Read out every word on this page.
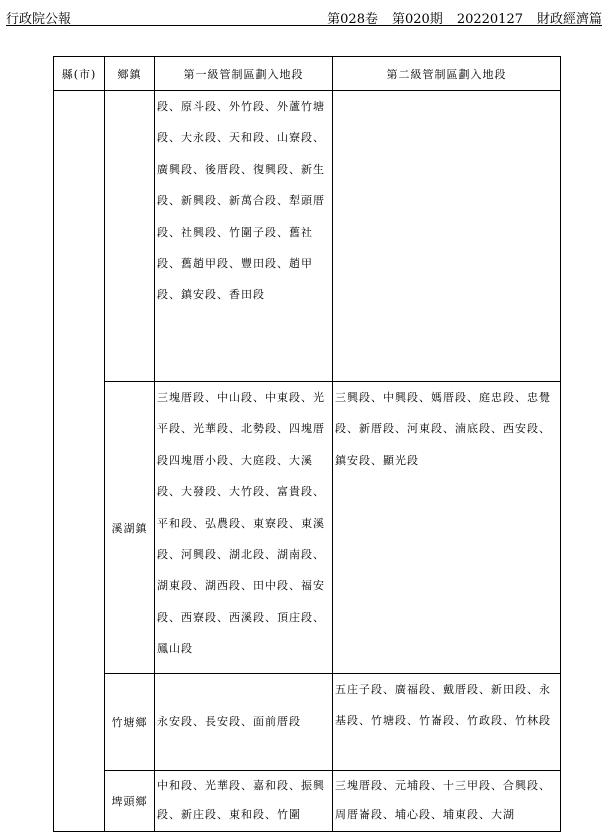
行政院公報	第028卷 第020期 20220127 財政經濟篇
縣(市)	鄉鎮	第一級管制區劃入地段	第二級管制區劃入地段
		段、原斗段、外竹段、外蘆竹塘段、大永段、天和段、山寮段、廣興段、後厝段、復興段、新生段、新興段、新萬合段、犁頭厝段、社興段、竹圍子段、舊社段、舊趙甲段、豐田段、趙甲段、鎮安段、香田段	
	溪湖鎮	三塊厝段、中山段、中東段、光平段、光華段、北勢段、四塊厝段四塊厝小段、大庭段、大溪段、大發段、大竹段、富貴段、平和段、弘農段、東寮段、東溪段、河興段、湖北段、湖南段、湖東段、湖西段、田中段、福安段、西寮段、西溪段、頂庄段、鳳山段	三興段、中興段、媽厝段、庭忠段、忠覺段、新厝段、河東段、湳底段、西安段、鎮安段、顯光段
	竹塘鄉	永安段、長安段、面前厝段	五庄子段、廣福段、戴厝段、新田段、永基段、竹塘段、竹崙段、竹政段、竹林段
	埤頭鄉	中和段、光華段、嘉和段、振興段、新庄段、東和段、竹圍	三塊厝段、元埔段、十三甲段、合興段、周厝崙段、埔心段、埔東段、大湖
